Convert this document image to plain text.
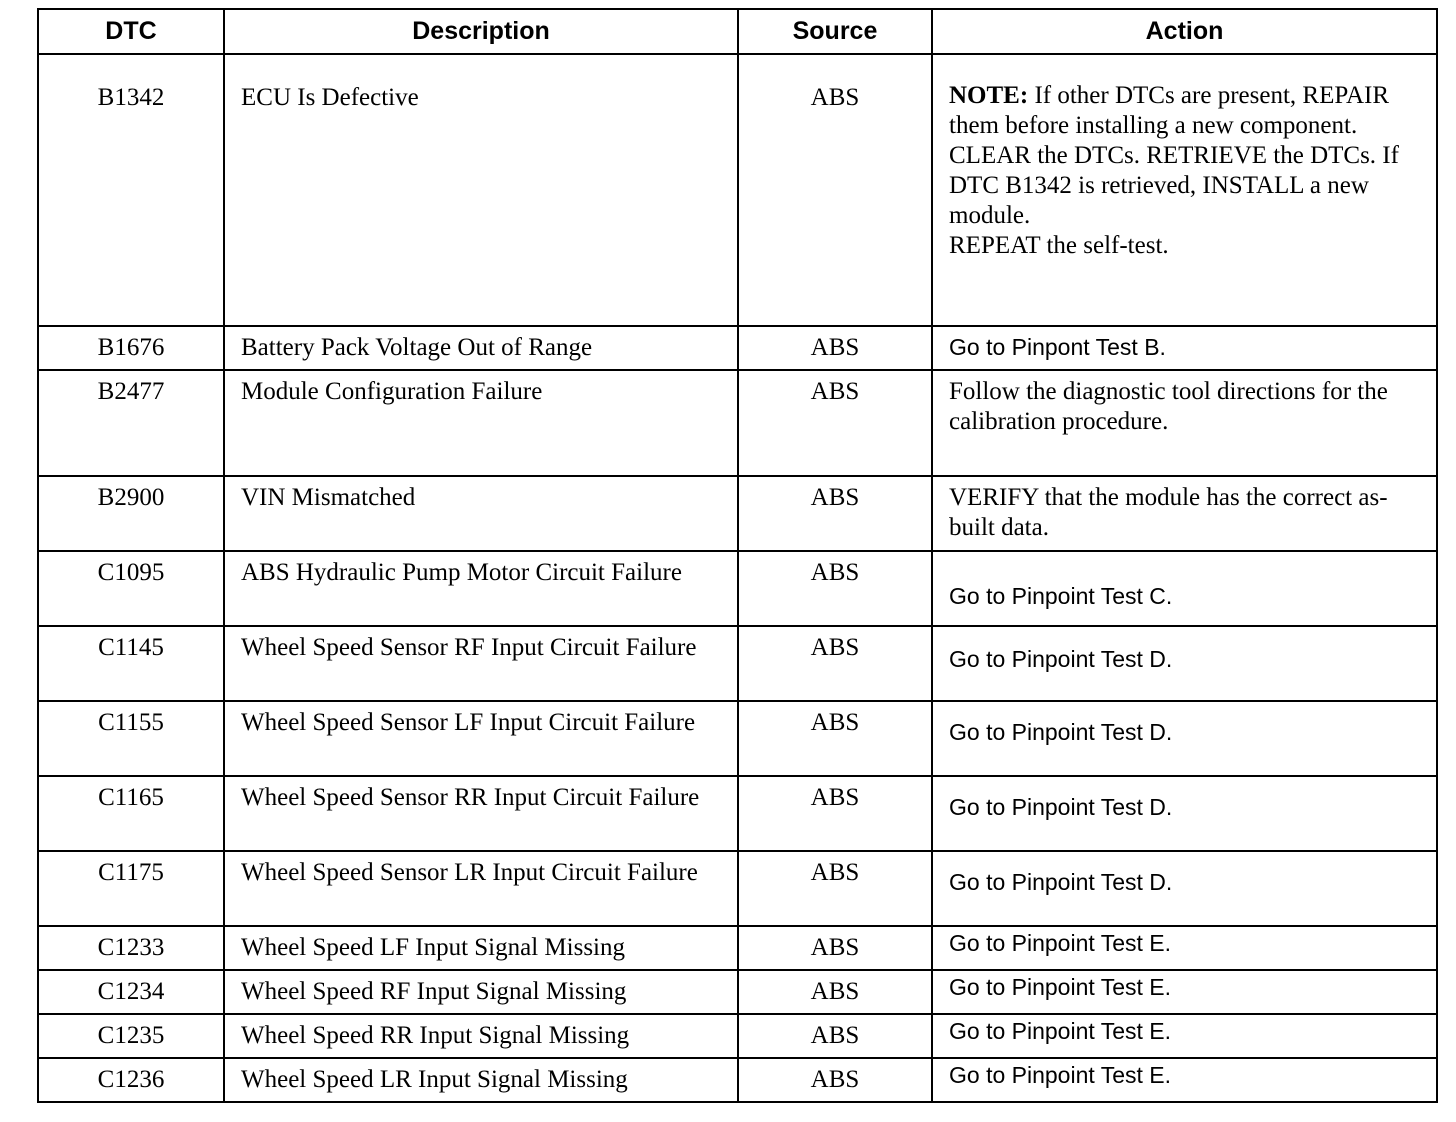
DTC	Description	Source	Action

B1342	ECU Is Defective	ABS	NOTE: If other DTCs are present, REPAIR them before installing a new component.
CLEAR the DTCs. RETRIEVE the DTCs. If DTC B1342 is retrieved, INSTALL a new module.
REPEAT the self-test.

B1676	Battery Pack Voltage Out of Range	ABS	Go to Pinpont Test B.

B2477	Module Configuration Failure	ABS	Follow the diagnostic tool directions for the calibration procedure.

B2900	VIN Mismatched	ABS	VERIFY that the module has the correct as-built data.

C1095	ABS Hydraulic Pump Motor Circuit Failure	ABS	Go to Pinpoint Test C.

C1145	Wheel Speed Sensor RF Input Circuit Failure	ABS	Go to Pinpoint Test D.

C1155	Wheel Speed Sensor LF Input Circuit Failure	ABS	Go to Pinpoint Test D.

C1165	Wheel Speed Sensor RR Input Circuit Failure	ABS	Go to Pinpoint Test D.

C1175	Wheel Speed Sensor LR Input Circuit Failure	ABS	Go to Pinpoint Test D.

C1233	Wheel Speed LF Input Signal Missing	ABS	Go to Pinpoint Test E.

C1234	Wheel Speed RF Input Signal Missing	ABS	Go to Pinpoint Test E.

C1235	Wheel Speed RR Input Signal Missing	ABS	Go to Pinpoint Test E.

C1236	Wheel Speed LR Input Signal Missing	ABS	Go to Pinpoint Test E.
